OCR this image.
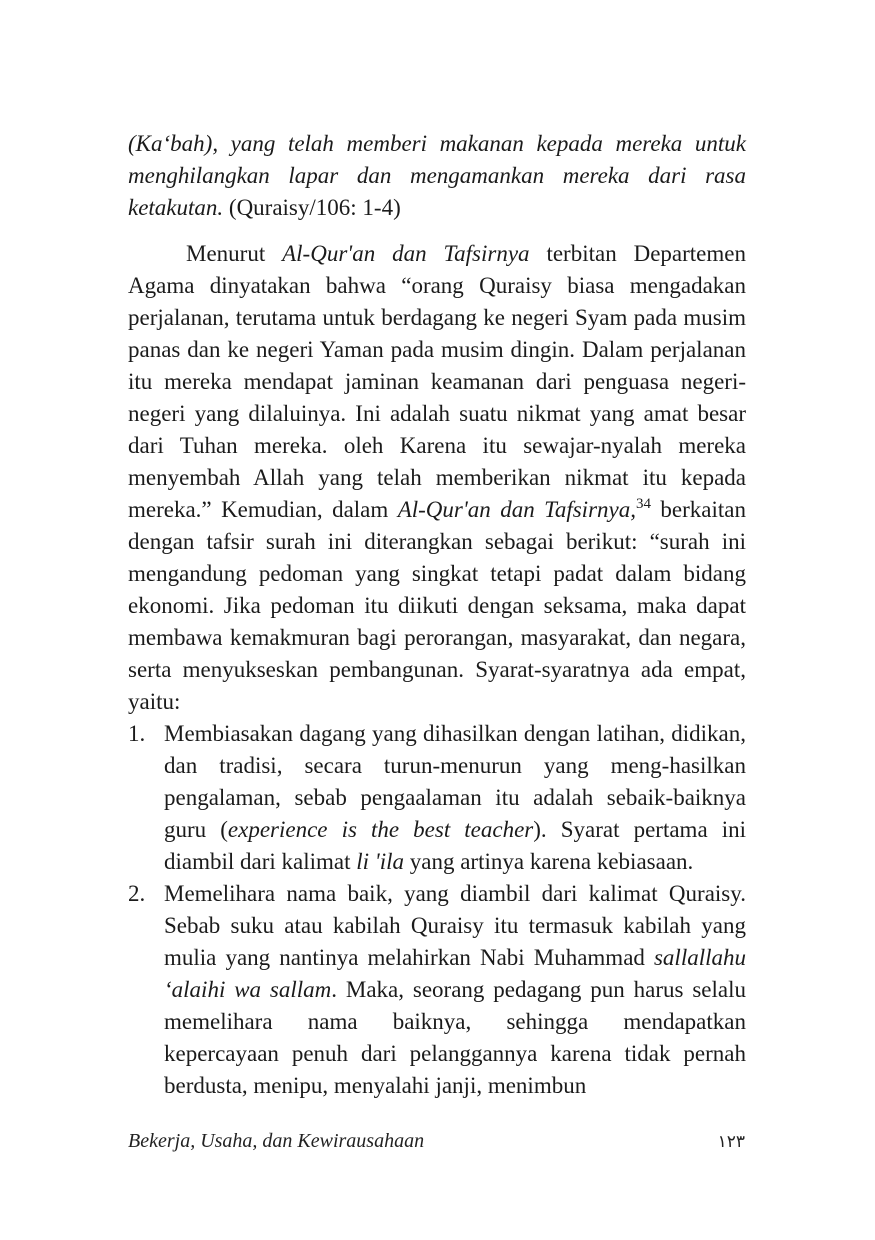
(Ka‘bah), yang telah memberi makanan kepada mereka untuk menghilangkan lapar dan mengamankan mereka dari rasa ketakutan. (Quraisy/106: 1-4)

Menurut Al-Qur'an dan Tafsirnya terbitan Departemen Agama dinyatakan bahwa “orang Quraisy biasa mengadakan perjalanan, terutama untuk berdagang ke negeri Syam pada musim panas dan ke negeri Yaman pada musim dingin. Dalam perjalanan itu mereka mendapat jaminan keamanan dari penguasa negeri-negeri yang dilaluinya. Ini adalah suatu nikmat yang amat besar dari Tuhan mereka. oleh Karena itu sewajar-nyalah mereka menyembah Allah yang telah memberikan nikmat itu kepada mereka.” Kemudian, dalam Al-Qur'an dan Tafsirnya,$^{34}$ berkaitan dengan tafsir surah ini diterangkan sebagai berikut: “surah ini mengandung pedoman yang singkat tetapi padat dalam bidang ekonomi. Jika pedoman itu diikuti dengan seksama, maka dapat membawa kemakmuran bagi perorangan, masyarakat, dan negara, serta menyukseskan pembangunan. Syarat-syaratnya ada empat, yaitu:

1. Membiasakan dagang yang dihasilkan dengan latihan, didikan, dan tradisi, secara turun-menurun yang meng-hasilkan pengalaman, sebab pengaalaman itu adalah sebaik-baiknya guru (experience is the best teacher). Syarat pertama ini diambil dari kalimat li 'ila yang artinya karena kebiasaan.
2. Memelihara nama baik, yang diambil dari kalimat Quraisy. Sebab suku atau kabilah Quraisy itu termasuk kabilah yang mulia yang nantinya melahirkan Nabi Muhammad sallallahu ‘alaihi wa sallam. Maka, seorang pedagang pun harus selalu memelihara nama baiknya, sehingga mendapatkan kepercayaan penuh dari pelanggannya karena tidak pernah berdusta, menipu, menyalahi janji, menimbun
Bekerja, Usaha, dan Kewirausahaan	١٢٣
